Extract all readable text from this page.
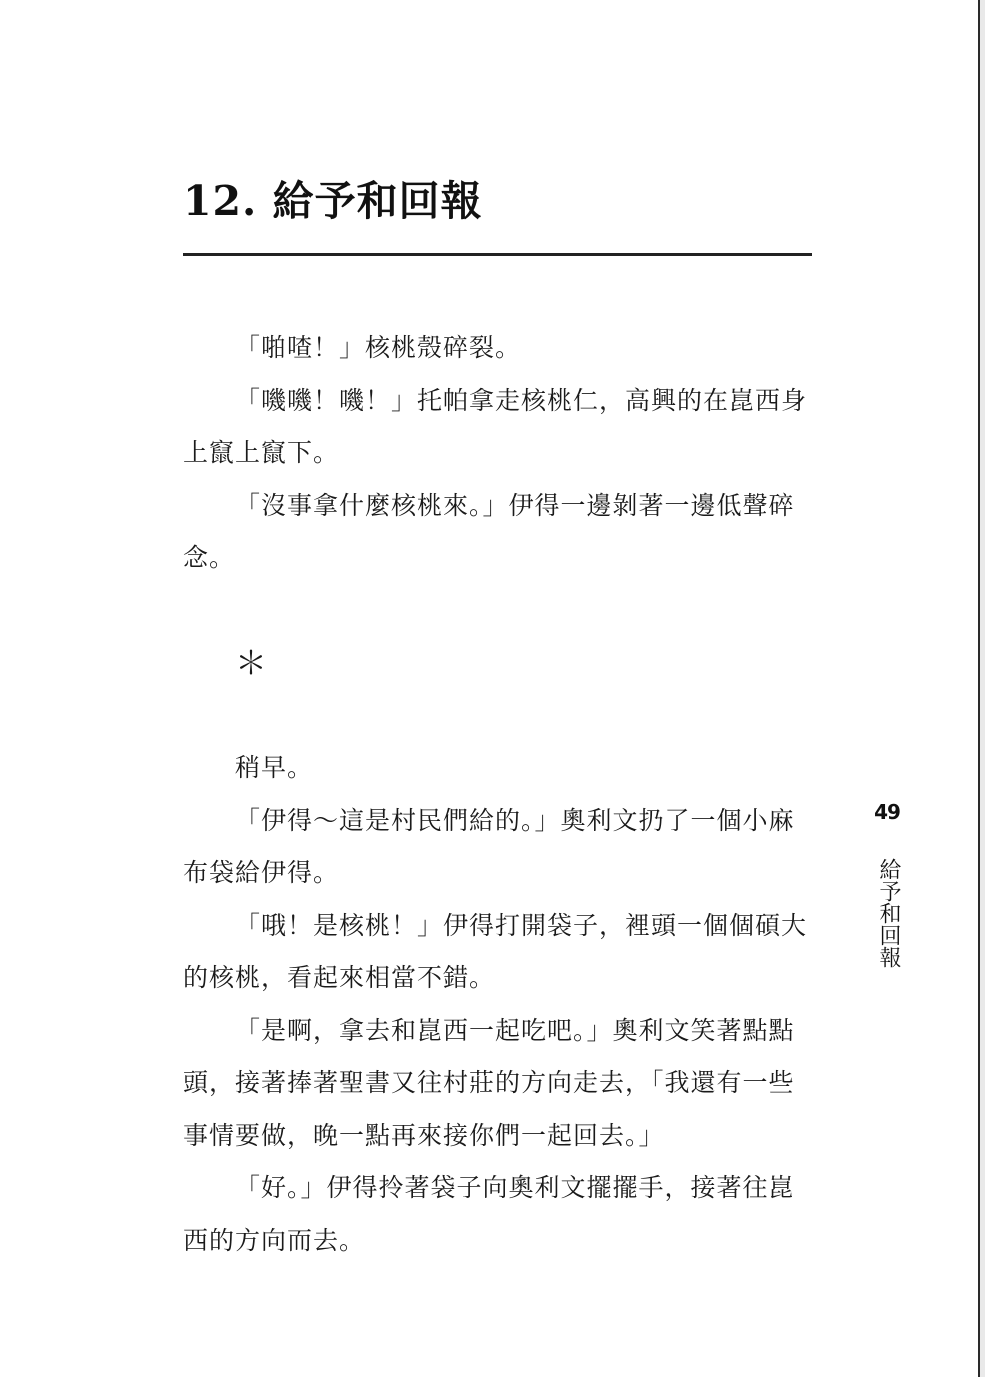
12. 給予和回報

「啪喳！」核桃殼碎裂。

「嘰嘰！嘰！」托帕拿走核桃仁，高興的在崑西身上竄上竄下。

「沒事拿什麼核桃來。」伊得一邊剝著一邊低聲碎念。

＊

稍早。

「伊得～這是村民們給的。」奧利文扔了一個小麻布袋給伊得。

「哦！是核桃！」伊得打開袋子，裡頭一個個碩大的核桃，看起來相當不錯。

「是啊，拿去和崑西一起吃吧。」奧利文笑著點點頭，接著捧著聖書又往村莊的方向走去，「我還有一些事情要做，晚一點再來接你們一起回去。」

「好。」伊得拎著袋子向奧利文擺擺手，接著往崑西的方向而去。

49
給予和回報
